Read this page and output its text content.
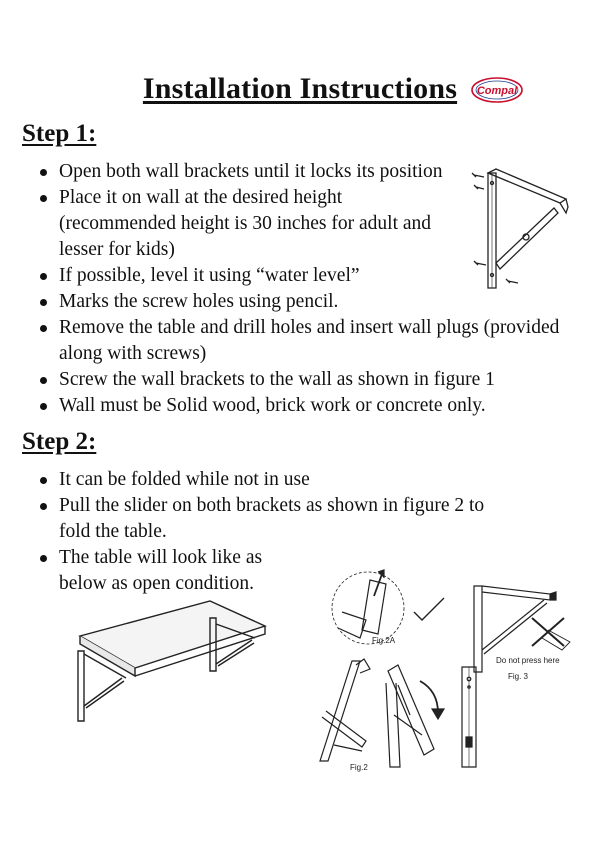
Installation Instructions	Compal
Step 1:
Open both wall brackets until it locks its position
Place it on wall at the desired height (recommended height is 30 inches for adult and lesser for kids)
If possible, level it using “water level”
Marks the screw holes using pencil.
Remove the table and drill holes and insert wall plugs (provided along with screws)
Screw the wall brackets to the wall as shown in figure 1
Wall must be Solid wood, brick work or concrete only.
Step 2:
It can be folded while not in use
Pull the slider on both brackets as shown in figure 2 to fold the table.
The table will look like as below as open condition.
Fig.2A
Do not press here
Fig. 3
Fig.2
